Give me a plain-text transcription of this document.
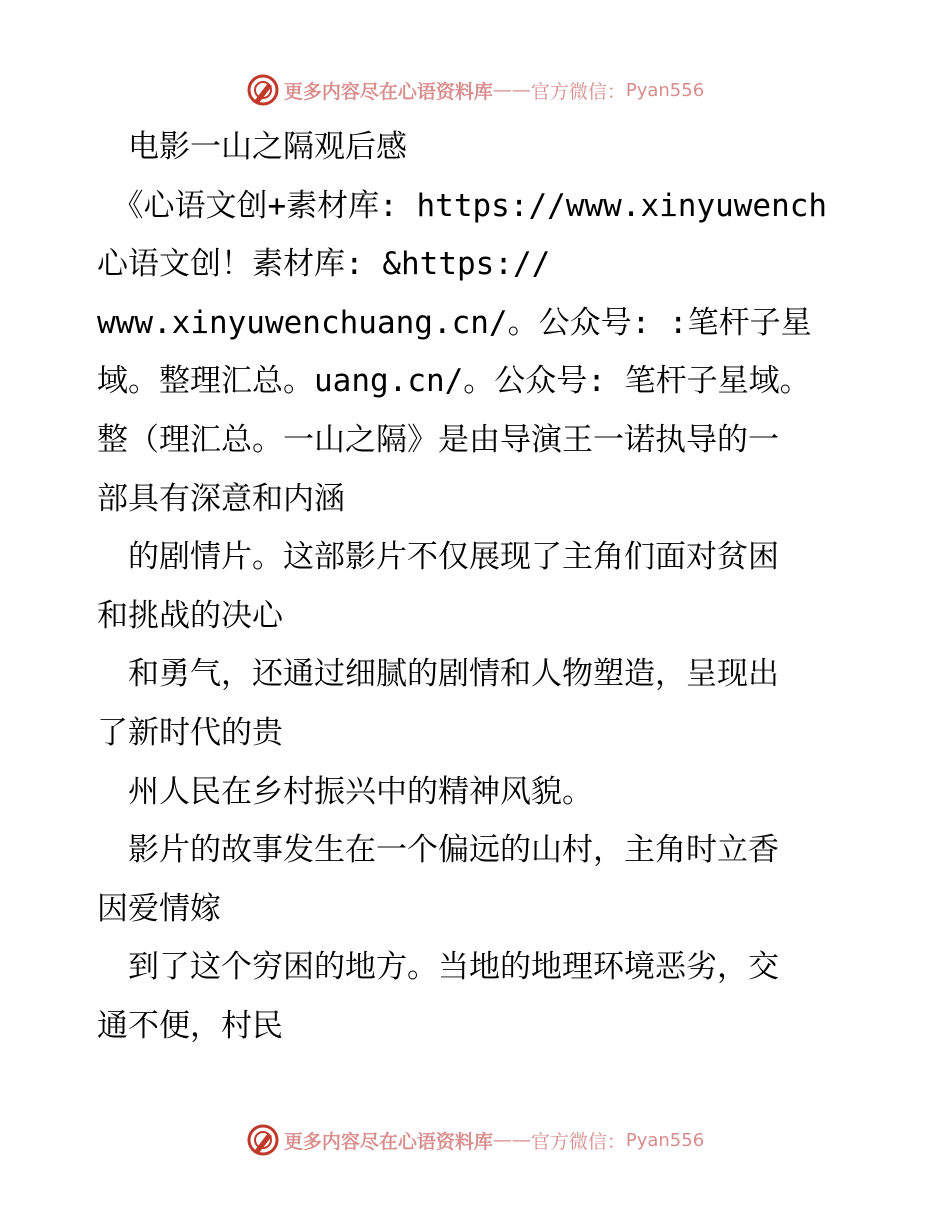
更多内容尽在心语资料库 —— 官方微信： Pyan556
　电影一山之隔观后感
　《心语文创+素材库: https://www.xinyuwench
心语文创！素材库: &https://
www.xinyuwenchuang.cn/。公众号: :笔杆子星
域。整理汇总。uang.cn/。公众号: 笔杆子星域。
整（理汇总。一山之隔》是由导演王一诺执导的一
部具有深意和内涵
　的剧情片。这部影片不仅展现了主角们面对贫困
和挑战的决心
　和勇气，还通过细腻的剧情和人物塑造，呈现出
了新时代的贵
　州人民在乡村振兴中的精神风貌。
　影片的故事发生在一个偏远的山村，主角时立香
因爱情嫁
　到了这个穷困的地方。当地的地理环境恶劣，交
通不便，村民
更多内容尽在心语资料库 —— 官方微信： Pyan556
